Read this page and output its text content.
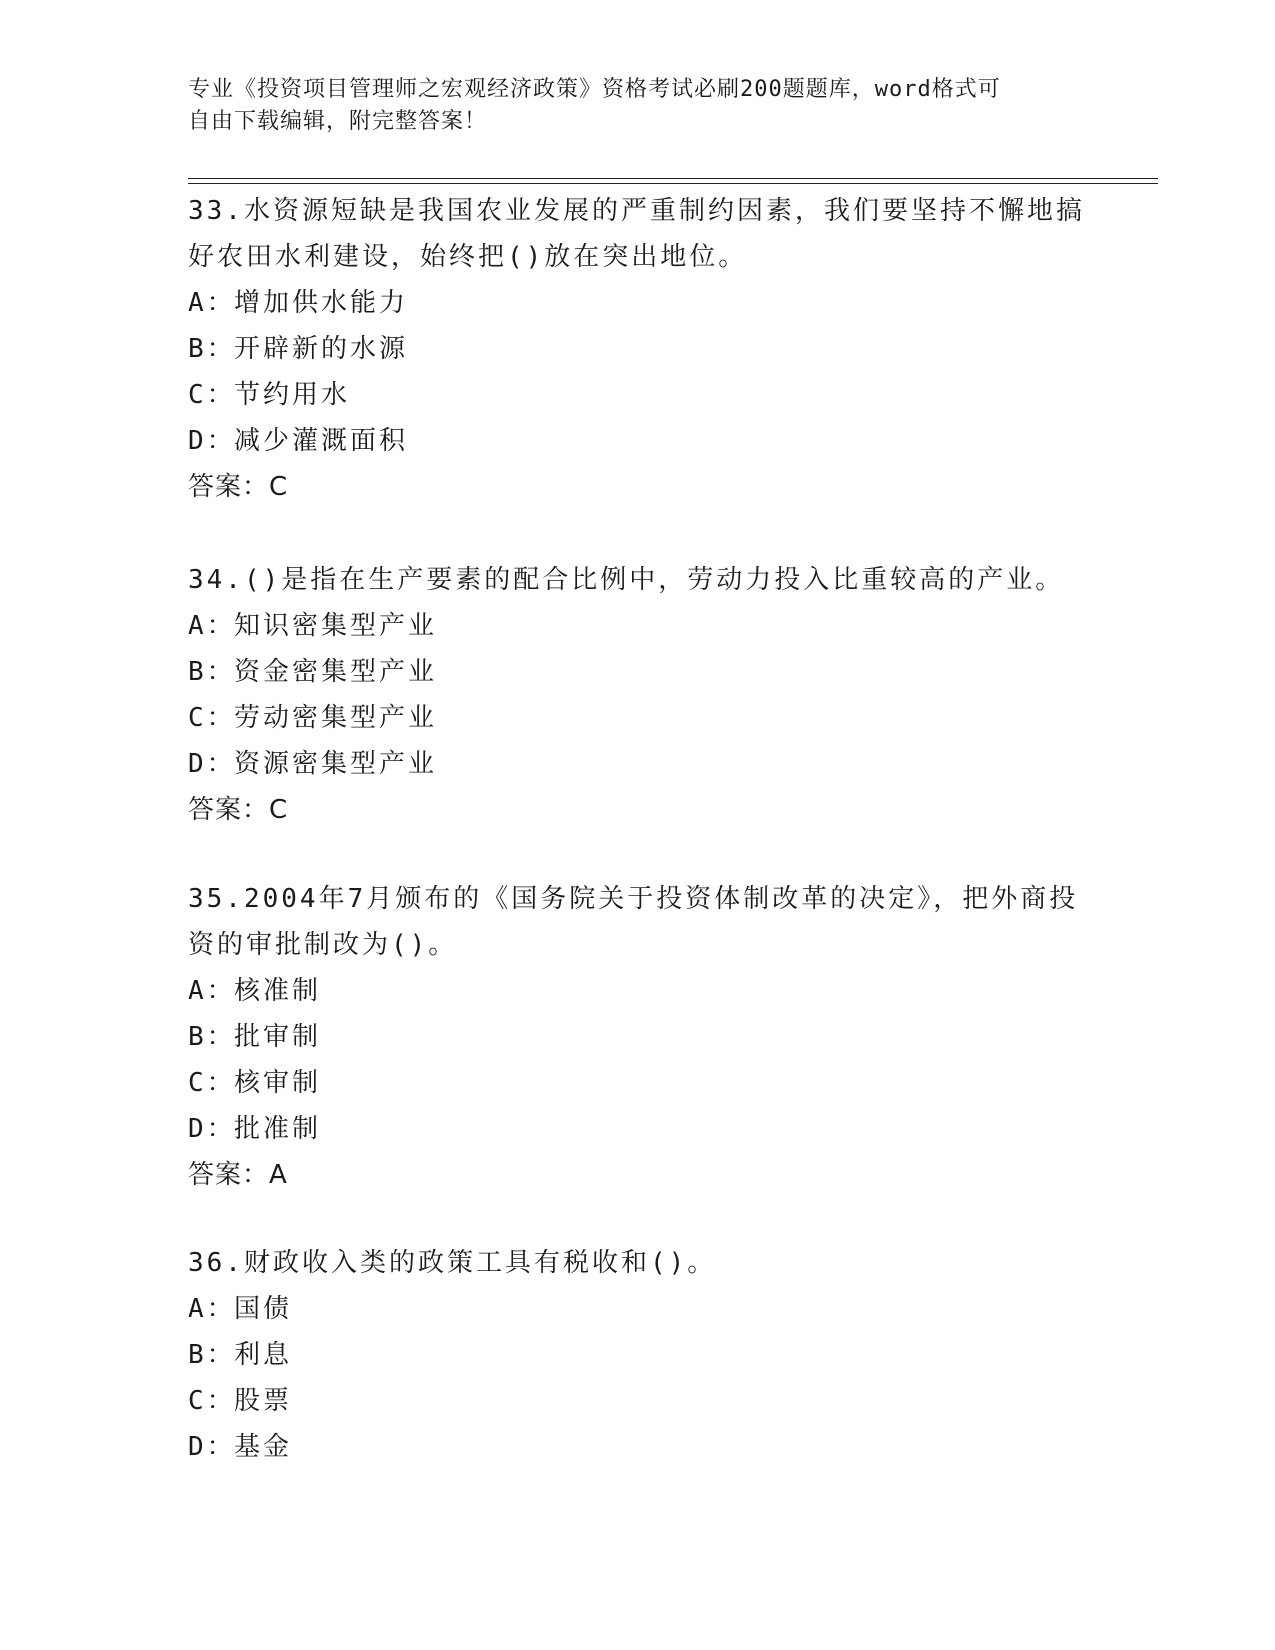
专业《投资项目管理师之宏观经济政策》资格考试必刷200题题库，word格式可
自由下载编辑，附完整答案！
33.水资源短缺是我国农业发展的严重制约因素，我们要坚持不懈地搞
好农田水利建设，始终把()放在突出地位。
A：增加供水能力
B：开辟新的水源
C：节约用水
D：减少灌溉面积
答案：C
34.()是指在生产要素的配合比例中，劳动力投入比重较高的产业。
A：知识密集型产业
B：资金密集型产业
C：劳动密集型产业
D：资源密集型产业
答案：C
35.2004年7月颁布的《国务院关于投资体制改革的决定》，把外商投
资的审批制改为()。
A：核准制
B：批审制
C：核审制
D：批准制
答案：A
36.财政收入类的政策工具有税收和()。
A：国债
B：利息
C：股票
D：基金
